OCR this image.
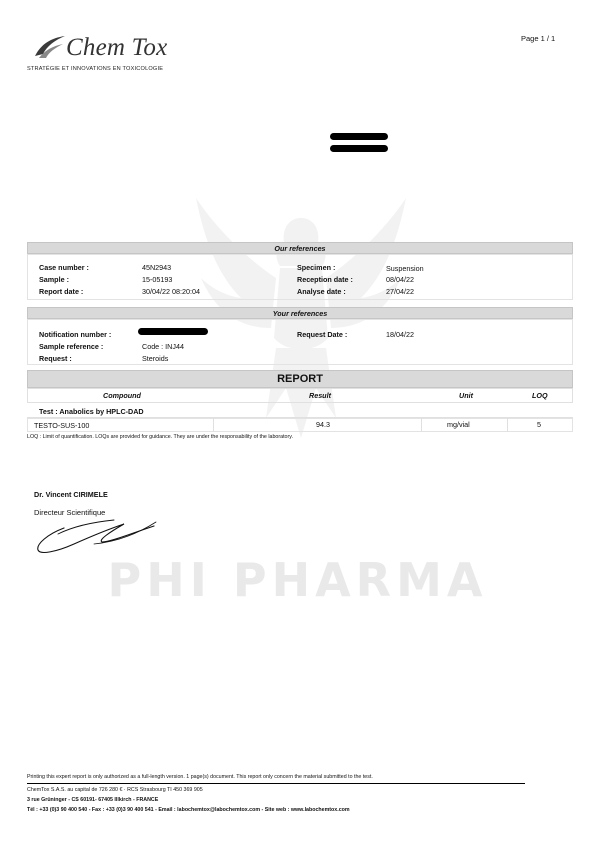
PHI PHARMA
Chem Tox
STRATÉGIE ET INNOVATIONS EN TOXICOLOGIE
Page 1 / 1
Our references
Case number :	45N2943
Sample :	15-05193
Report date :	30/04/22 08:20:04
Specimen :	Suspension
Reception date :	08/04/22
Analyse date :	27/04/22
Your references
Notification number :
Sample reference :	Code : INJ44
Request :	Steroids
Request Date :	18/04/22
REPORT
Compound	Result	Unit	LOQ
Test : Anabolics by HPLC-DAD
TESTO-SUS-100	94.3	mg/vial	5
LOQ : Limit of quantification. LOQs are provided for guidance. They are under the responsability of the laboratory.
Dr. Vincent CIRIMELE
Directeur Scientifique
Printing this expert report is only authorized as a full-length version. 1 page(s) document. This report only concern the material submitted to the test.
ChemTox S.A.S. au capital de 726 280 € · RCS Strasbourg TI 450 369 905
3 rue Grüninger - CS 60191- 67405 Illkirch - FRANCE
Tél : +33 (0)3 90 400 540 - Fax : +33 (0)3 90 400 541 - Email : labochemtox@labochemtox.com - Site web : www.labochemtox.com
